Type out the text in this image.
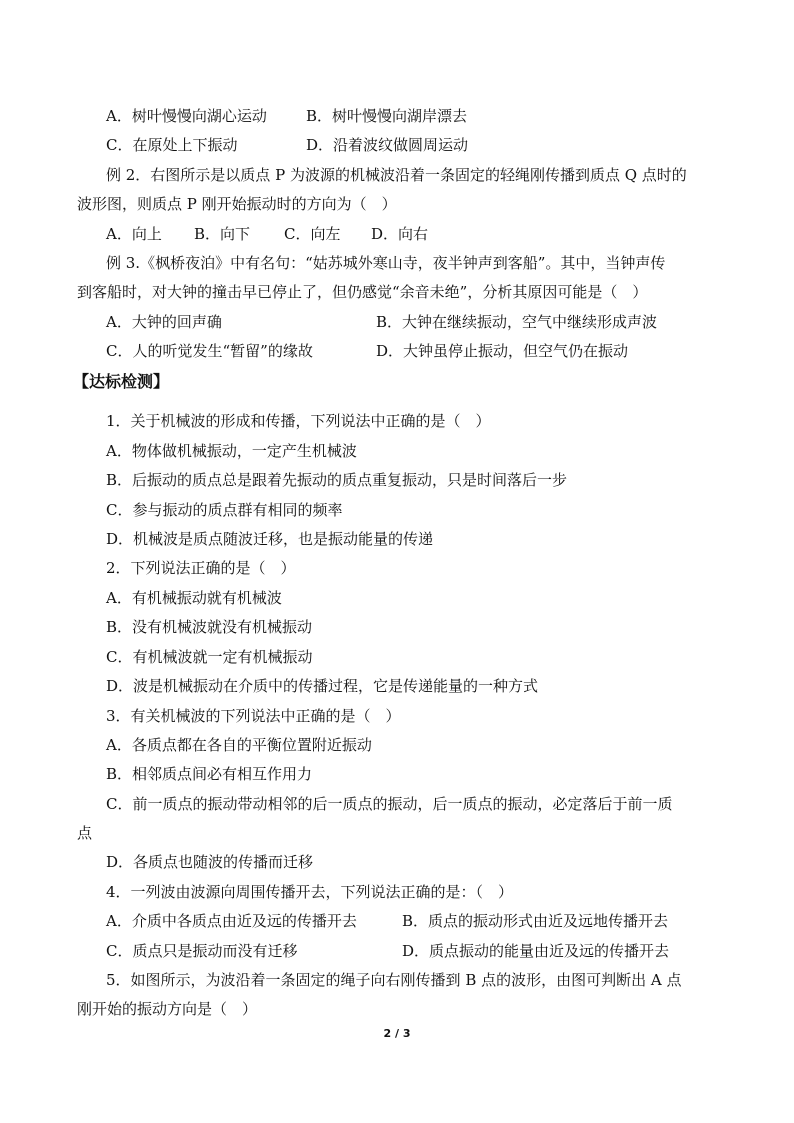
A．树叶慢慢向湖心运动	B．树叶慢慢向湖岸漂去
C．在原处上下振动	D．沿着波纹做圆周运动
例 2．右图所示是以质点 P 为波源的机械波沿着一条固定的轻绳刚传播到质点 Q 点时的
波形图，则质点 P 刚开始振动时的方向为（　）
A．向上 B．向下 C．向左 D．向右
例 3.《枫桥夜泊》中有名句：“姑苏城外寒山寺，夜半钟声到客船”。其中，当钟声传
到客船时，对大钟的撞击早已停止了，但仍感觉“余音未绝”，分析其原因可能是（　）
A．大钟的回声确	B．大钟在继续振动，空气中继续形成声波
C．人的听觉发生“暂留”的缘故	D．大钟虽停止振动，但空气仍在振动
【达标检测】
1．关于机械波的形成和传播，下列说法中正确的是（　）
A．物体做机械振动，一定产生机械波
B．后振动的质点总是跟着先振动的质点重复振动，只是时间落后一步
C．参与振动的质点群有相同的频率
D．机械波是质点随波迁移，也是振动能量的传递
2．下列说法正确的是（　）
A．有机械振动就有机械波
B．没有机械波就没有机械振动
C．有机械波就一定有机械振动
D．波是机械振动在介质中的传播过程，它是传递能量的一种方式
3．有关机械波的下列说法中正确的是（　）
A．各质点都在各自的平衡位置附近振动
B．相邻质点间必有相互作用力
C．前一质点的振动带动相邻的后一质点的振动，后一质点的振动，必定落后于前一质
点
D．各质点也随波的传播而迁移
4．一列波由波源向周围传播开去，下列说法正确的是：（　）
A．介质中各质点由近及远的传播开去	B．质点的振动形式由近及远地传播开去
C．质点只是振动而没有迁移	D．质点振动的能量由近及远的传播开去
5．如图所示，为波沿着一条固定的绳子向右刚传播到 B 点的波形，由图可判断出 A 点
刚开始的振动方向是（　）
2 / 3
